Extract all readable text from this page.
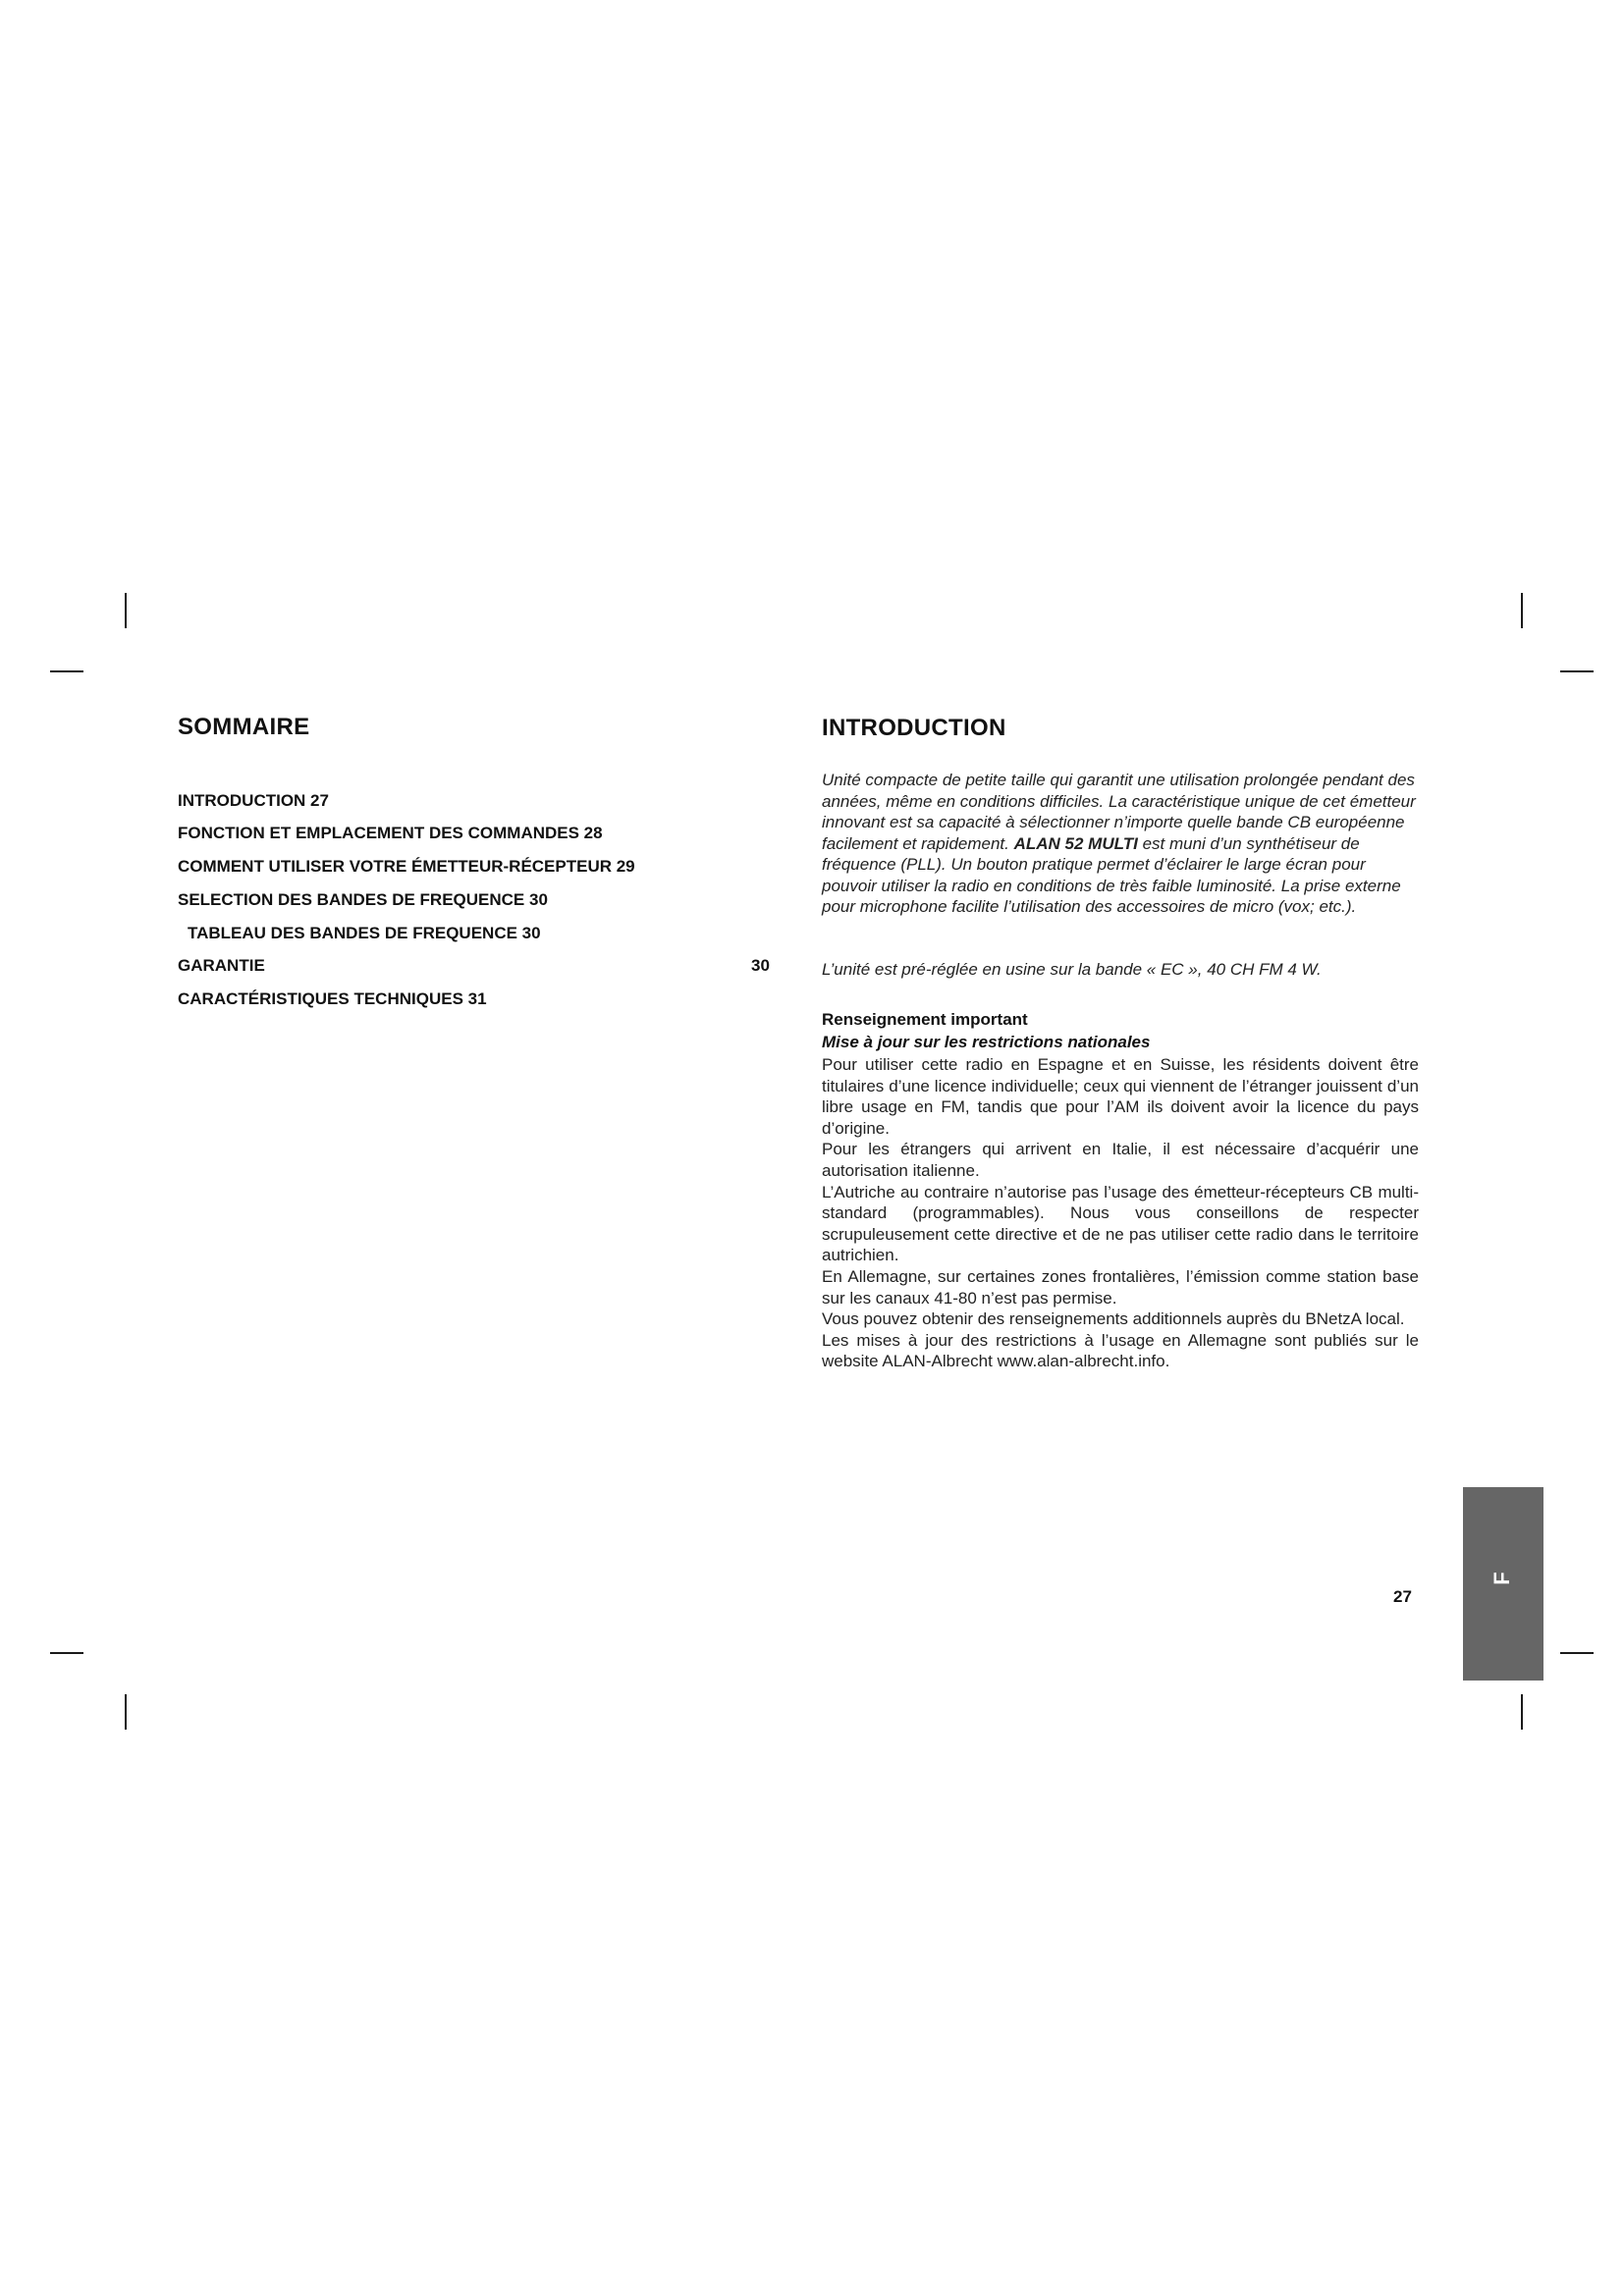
SOMMAIRE
INTRODUCTION 27
FONCTION ET EMPLACEMENT DES COMMANDES 28
COMMENT UTILISER VOTRE ÉMETTEUR-RÉCEPTEUR 29
SELECTION DES BANDES DE FREQUENCE 30
TABLEAU DES BANDES DE FREQUENCE 30
GARANTIE	30
CARACTÉRISTIQUES TECHNIQUES 31
INTRODUCTION
Unité compacte de petite taille qui garantit une utilisation prolongée pendant des années, même en conditions difficiles. La caractéristique unique de cet émetteur innovant est sa capacité à sélectionner n’importe quelle bande CB européenne facilement et rapidement. ALAN 52 MULTI est muni d’un synthétiseur de fréquence (PLL). Un bouton pratique permet d’éclairer le large écran pour pouvoir utiliser la radio en conditions de très faible luminosité. La prise externe pour microphone facilite l’utilisation des accessoires de micro (vox; etc.).
L’unité est pré-réglée en usine sur la bande « EC », 40 CH FM 4 W.
Renseignement important
Mise à jour sur les restrictions nationales

Pour utiliser cette radio en Espagne et en Suisse, les résidents doivent être titulaires d’une licence individuelle; ceux qui viennent de l’étranger jouissent d’un libre usage en FM, tandis que pour l’AM ils doivent avoir la licence du pays d’origine.

Pour les étrangers qui arrivent en Italie, il est nécessaire d’acquérir une autorisation italienne.

L’Autriche au contraire n’autorise pas l’usage des émetteur-récepteurs CB multi-standard (programmables). Nous vous conseillons de respecter scrupuleusement cette directive et de ne pas utiliser cette radio dans le territoire autrichien.

En Allemagne, sur certaines zones frontalières, l’émission comme station base sur les canaux 41-80 n’est pas permise.

Vous pouvez obtenir des renseignements additionnels auprès du BNetzA local.

Les mises à jour des restrictions à l’usage en Allemagne sont publiés sur le website ALAN-Albrecht www.alan-albrecht.info.

27
F
